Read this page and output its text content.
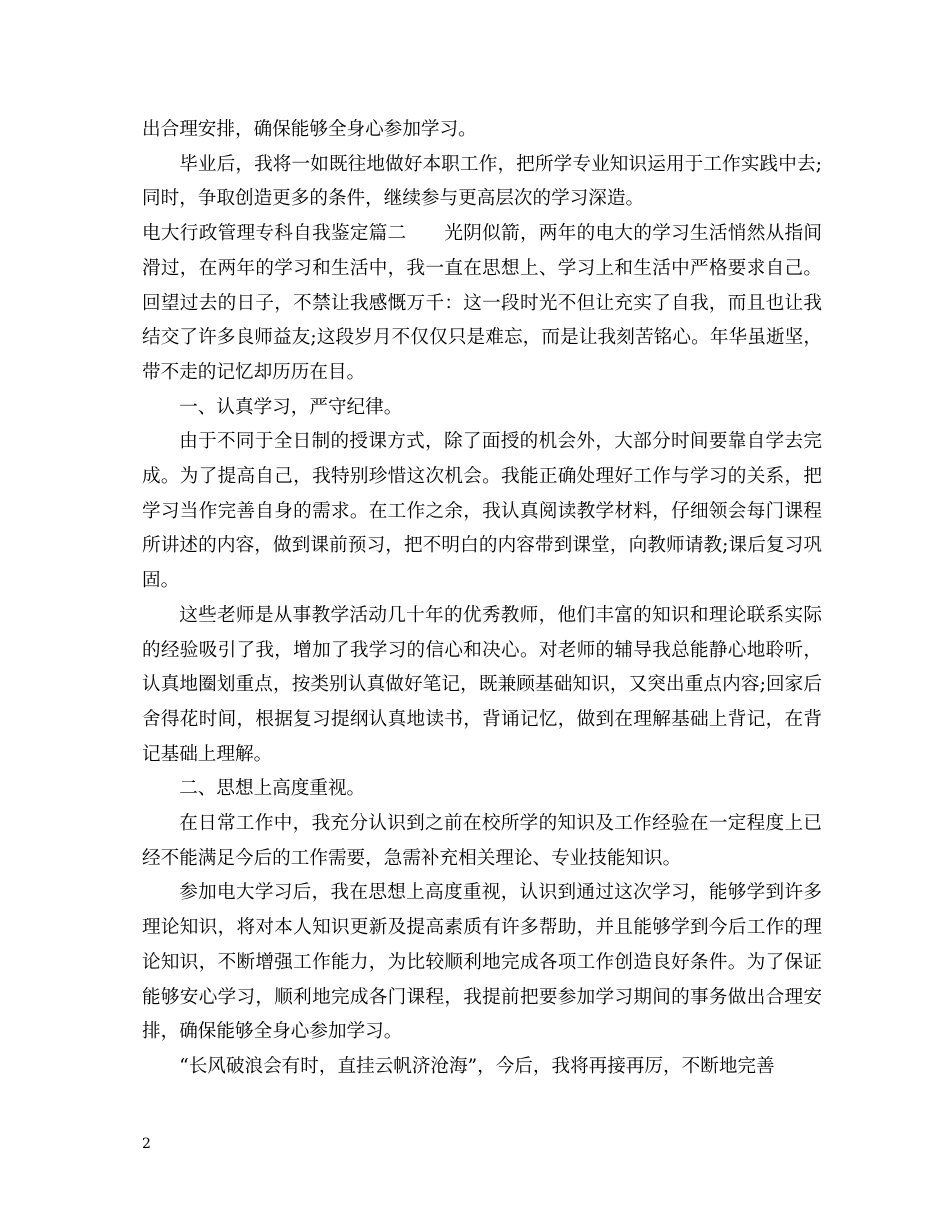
出合理安排，确保能够全身心参加学习。

毕业后，我将一如既往地做好本职工作，把所学专业知识运用于工作实践中去;同时，争取创造更多的条件，继续参与更高层次的学习深造。

电大行政管理专科自我鉴定篇二　　光阴似箭，两年的电大的学习生活悄然从指间滑过，在两年的学习和生活中，我一直在思想上、学习上和生活中严格要求自己。回望过去的日子，不禁让我感慨万千：这一段时光不但让充实了自我，而且也让我结交了许多良师益友;这段岁月不仅仅只是难忘，而是让我刻苦铭心。年华虽逝坚，带不走的记忆却历历在目。

一、认真学习，严守纪律。

由于不同于全日制的授课方式，除了面授的机会外，大部分时间要靠自学去完成。为了提高自己，我特别珍惜这次机会。我能正确处理好工作与学习的关系，把学习当作完善自身的需求。在工作之余，我认真阅读教学材料，仔细领会每门课程所讲述的内容，做到课前预习，把不明白的内容带到课堂，向教师请教;课后复习巩固。

这些老师是从事教学活动几十年的优秀教师，他们丰富的知识和理论联系实际的经验吸引了我，增加了我学习的信心和决心。对老师的辅导我总能静心地聆听，认真地圈划重点，按类别认真做好笔记，既兼顾基础知识，又突出重点内容;回家后舍得花时间，根据复习提纲认真地读书，背诵记忆，做到在理解基础上背记，在背记基础上理解。

二、思想上高度重视。

在日常工作中，我充分认识到之前在校所学的知识及工作经验在一定程度上已经不能满足今后的工作需要，急需补充相关理论、专业技能知识。

参加电大学习后，我在思想上高度重视，认识到通过这次学习，能够学到许多理论知识，将对本人知识更新及提高素质有许多帮助，并且能够学到今后工作的理论知识，不断增强工作能力，为比较顺利地完成各项工作创造良好条件。为了保证能够安心学习，顺利地完成各门课程，我提前把要参加学习期间的事务做出合理安排，确保能够全身心参加学习。

“长风破浪会有时，直挂云帆济沧海”，今后，我将再接再厉，不断地完善

2
